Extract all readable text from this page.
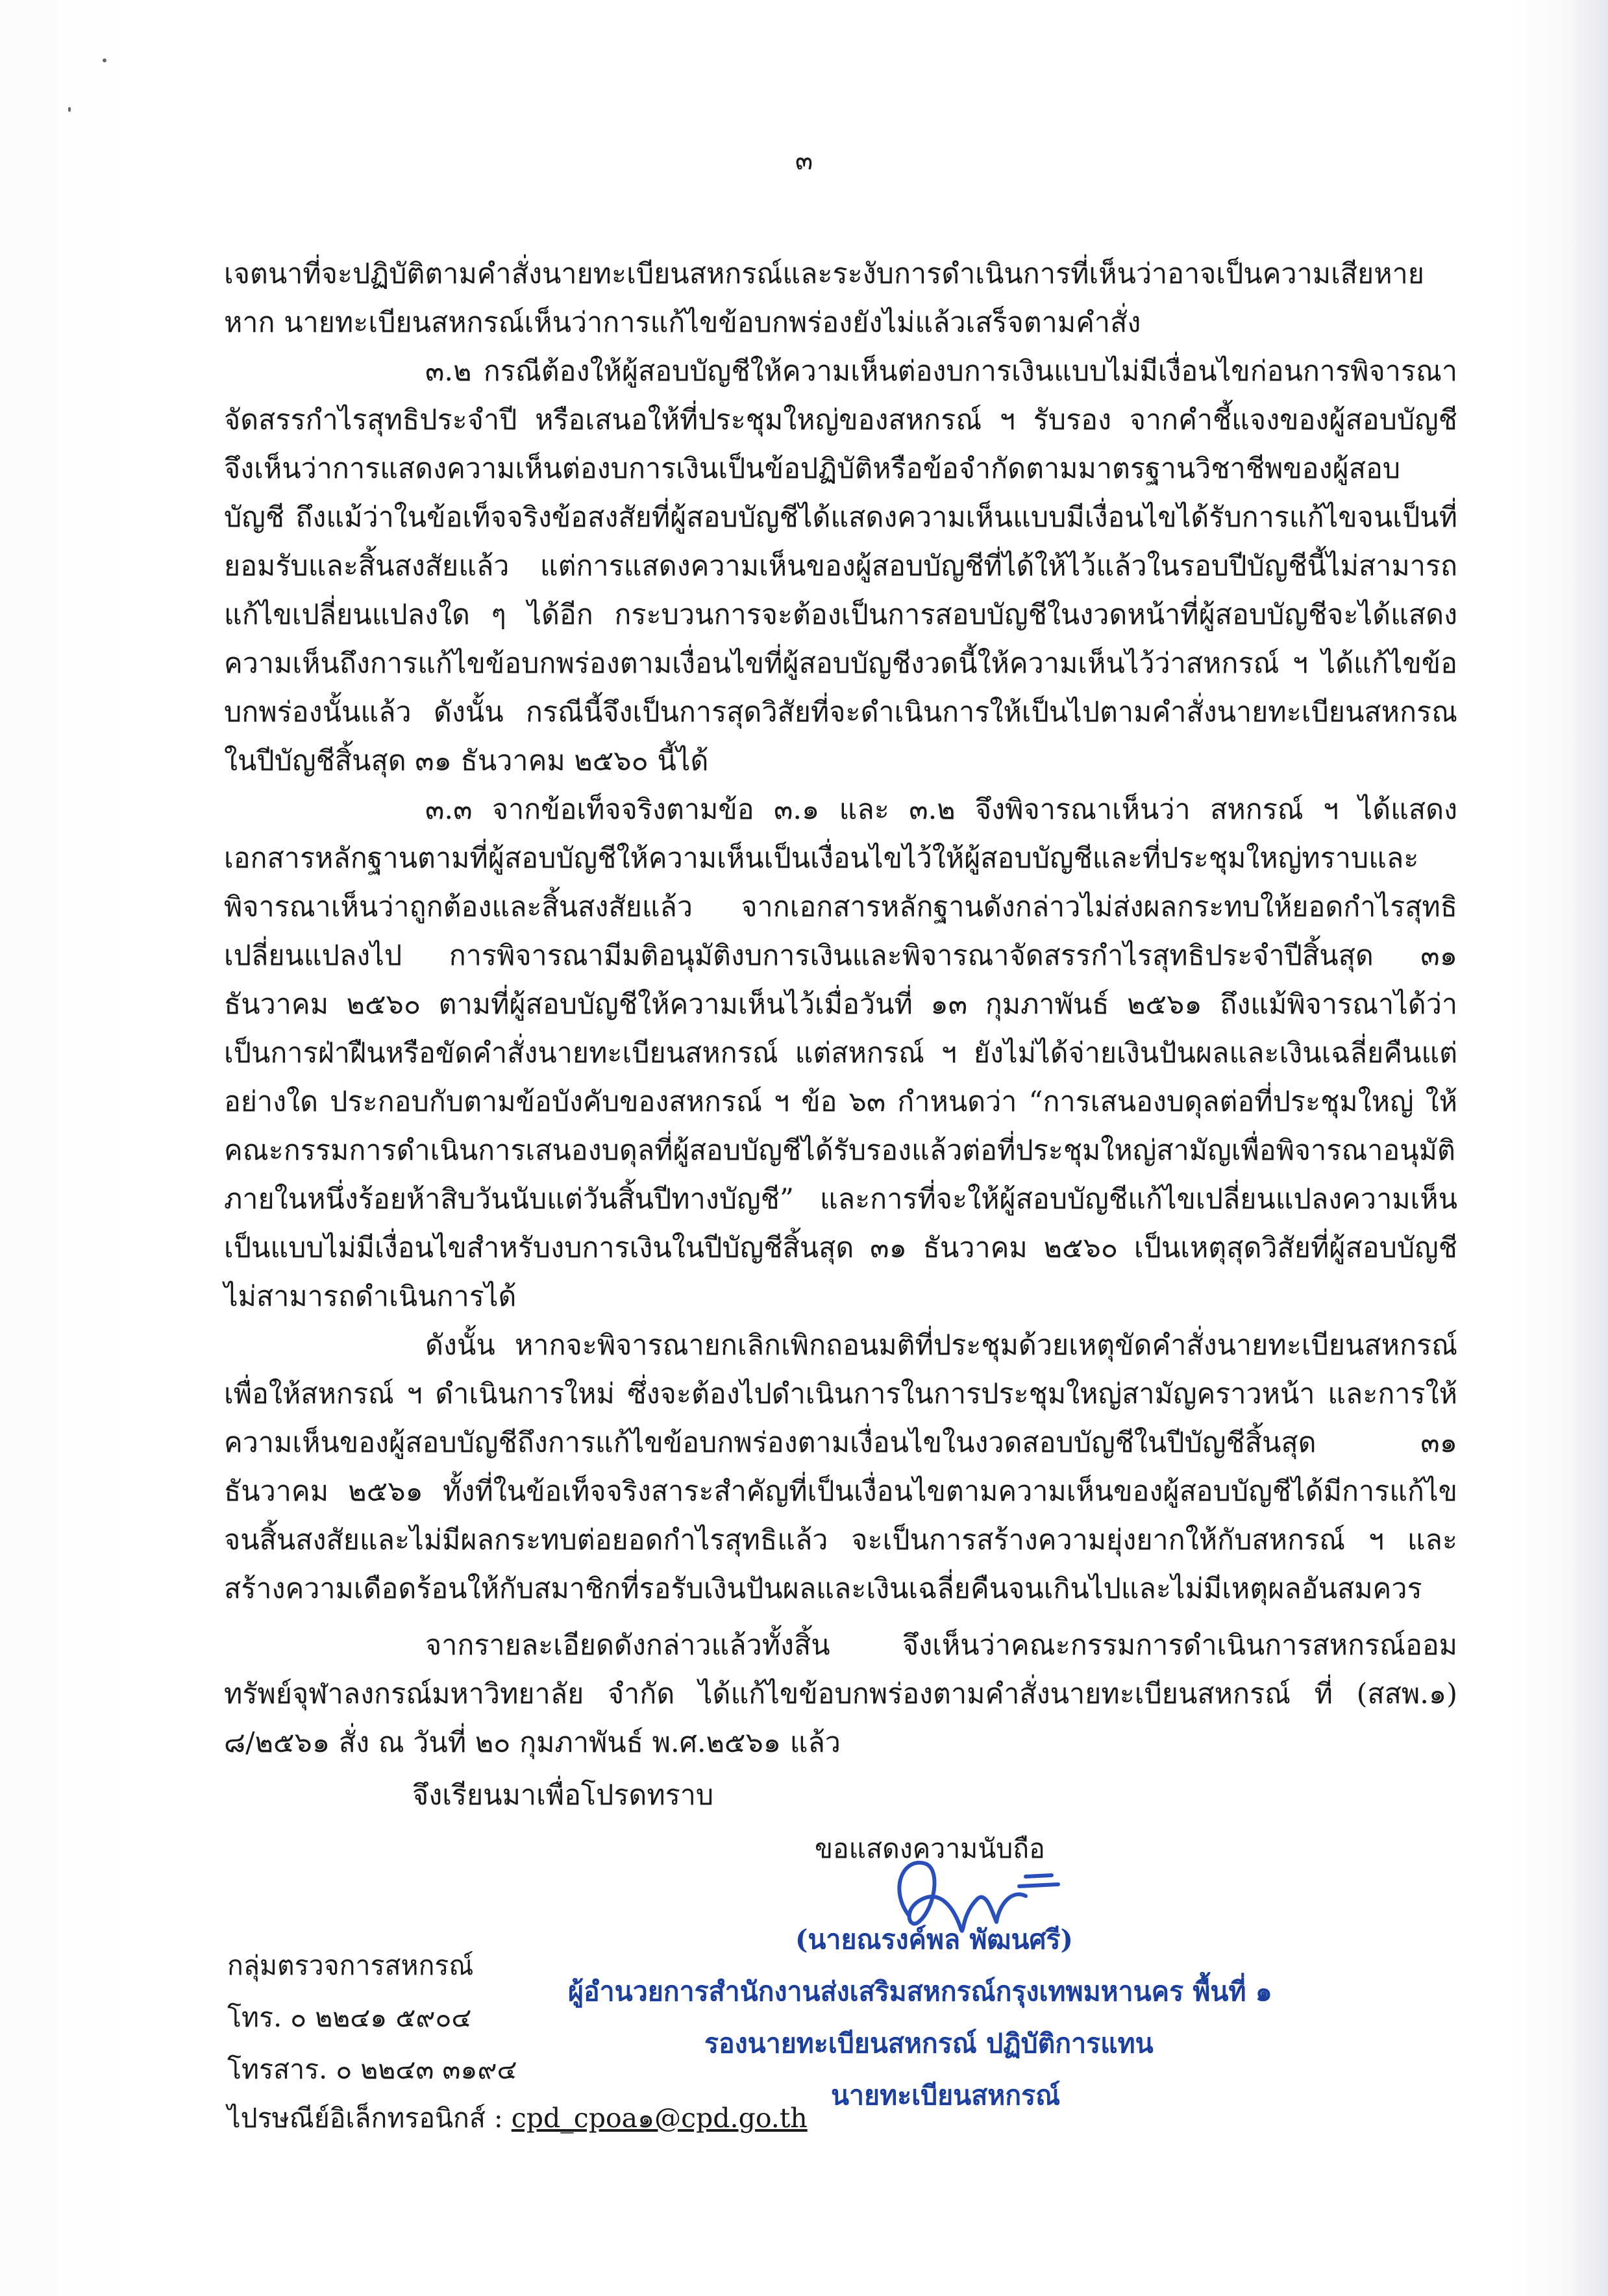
๓

เจตนาที่จะปฏิบัติตามคำสั่งนายทะเบียนสหกรณ์และระงับการดำเนินการที่เห็นว่าอาจเป็นความเสียหายหาก นายทะเบียนสหกรณ์เห็นว่าการแก้ไขข้อบกพร่องยังไม่แล้วเสร็จตามคำสั่ง

๓.๒ กรณีต้องให้ผู้สอบบัญชีให้ความเห็นต่องบการเงินแบบไม่มีเงื่อนไขก่อนการพิจารณาจัดสรรกำไรสุทธิประจำปี หรือเสนอให้ที่ประชุมใหญ่ของสหกรณ์ ฯ รับรอง จากคำชี้แจงของผู้สอบบัญชี จึงเห็นว่าการแสดงความเห็นต่องบการเงินเป็นข้อปฏิบัติหรือข้อจำกัดตามมาตรฐานวิชาชีพของผู้สอบบัญชี ถึงแม้ว่าในข้อเท็จจริงข้อสงสัยที่ผู้สอบบัญชีได้แสดงความเห็นแบบมีเงื่อนไขได้รับการแก้ไขจนเป็นที่ยอมรับและสิ้นสงสัยแล้ว แต่การแสดงความเห็นของผู้สอบบัญชีที่ได้ให้ไว้แล้วในรอบปีบัญชีนี้ไม่สามารถแก้ไขเปลี่ยนแปลงใด ๆ ได้อีก กระบวนการจะต้องเป็นการสอบบัญชีในงวดหน้าที่ผู้สอบบัญชีจะได้แสดงความเห็นถึงการแก้ไขข้อบกพร่องตามเงื่อนไขที่ผู้สอบบัญชีงวดนี้ให้ความเห็นไว้ว่าสหกรณ์ ฯ ได้แก้ไขข้อบกพร่องนั้นแล้ว ดังนั้น กรณีนี้จึงเป็นการสุดวิสัยที่จะดำเนินการให้เป็นไปตามคำสั่งนายทะเบียนสหกรณในปีบัญชีสิ้นสุด ๓๑ ธันวาคม ๒๕๖๐ นี้ได้

๓.๓ จากข้อเท็จจริงตามข้อ ๓.๑ และ ๓.๒ จึงพิจารณาเห็นว่า สหกรณ์ ฯ ได้แสดงเอกสารหลักฐานตามที่ผู้สอบบัญชีให้ความเห็นเป็นเงื่อนไขไว้ให้ผู้สอบบัญชีและที่ประชุมใหญ่ทราบและพิจารณาเห็นว่าถูกต้องและสิ้นสงสัยแล้ว จากเอกสารหลักฐานดังกล่าวไม่ส่งผลกระทบให้ยอดกำไรสุทธิเปลี่ยนแปลงไป การพิจารณามีมติอนุมัติงบการเงินและพิจารณาจัดสรรกำไรสุทธิประจำปีสิ้นสุด ๓๑ ธันวาคม ๒๕๖๐ ตามที่ผู้สอบบัญชีให้ความเห็นไว้เมื่อวันที่ ๑๓ กุมภาพันธ์ ๒๕๖๑ ถึงแม้พิจารณาได้ว่าเป็นการฝ่าฝืนหรือขัดคำสั่งนายทะเบียนสหกรณ์ แต่สหกรณ์ ฯ ยังไม่ได้จ่ายเงินปันผลและเงินเฉลี่ยคืนแต่อย่างใด ประกอบกับตามข้อบังคับของสหกรณ์ ฯ ข้อ ๖๓ กำหนดว่า “การเสนองบดุลต่อที่ประชุมใหญ่ ให้คณะกรรมการดำเนินการเสนองบดุลที่ผู้สอบบัญชีได้รับรองแล้วต่อที่ประชุมใหญ่สามัญเพื่อพิจารณาอนุมัติ ภายในหนึ่งร้อยห้าสิบวันนับแต่วันสิ้นปีทางบัญชี” และการที่จะให้ผู้สอบบัญชีแก้ไขเปลี่ยนแปลงความเห็นเป็นแบบไม่มีเงื่อนไขสำหรับงบการเงินในปีบัญชีสิ้นสุด ๓๑ ธันวาคม ๒๕๖๐ เป็นเหตุสุดวิสัยที่ผู้สอบบัญชีไม่สามารถดำเนินการได้

ดังนั้น หากจะพิจารณายกเลิกเพิกถอนมติที่ประชุมด้วยเหตุขัดคำสั่งนายทะเบียนสหกรณ์เพื่อให้สหกรณ์ ฯ ดำเนินการใหม่ ซึ่งจะต้องไปดำเนินการในการประชุมใหญ่สามัญคราวหน้า และการให้ความเห็นของผู้สอบบัญชีถึงการแก้ไขข้อบกพร่องตามเงื่อนไขในงวดสอบบัญชีในปีบัญชีสิ้นสุด ๓๑ ธันวาคม ๒๕๖๑ ทั้งที่ในข้อเท็จจริงสาระสำคัญที่เป็นเงื่อนไขตามความเห็นของผู้สอบบัญชีได้มีการแก้ไขจนสิ้นสงสัยและไม่มีผลกระทบต่อยอดกำไรสุทธิแล้ว จะเป็นการสร้างความยุ่งยากให้กับสหกรณ์ ฯ และสร้างความเดือดร้อนให้กับสมาชิกที่รอรับเงินปันผลและเงินเฉลี่ยคืนจนเกินไปและไม่มีเหตุผลอันสมควร

จากรายละเอียดดังกล่าวแล้วทั้งสิ้น จึงเห็นว่าคณะกรรมการดำเนินการสหกรณ์ออมทรัพย์จุฬาลงกรณ์มหาวิทยาลัย จำกัด ได้แก้ไขข้อบกพร่องตามคำสั่งนายทะเบียนสหกรณ์ ที่ (สสพ.๑) ๘/๒๕๖๑ สั่ง ณ วันที่ ๒๐ กุมภาพันธ์ พ.ศ.๒๕๖๑ แล้ว

จึงเรียนมาเพื่อโปรดทราบ
ขอแสดงความนับถือ
(นายณรงค์พล พัฒนศรี)
ผู้อำนวยการสำนักงานส่งเสริมสหกรณ์กรุงเทพมหานคร พื้นที่ ๑
รองนายทะเบียนสหกรณ์ ปฏิบัติการแทน
นายทะเบียนสหกรณ์
กลุ่มตรวจการสหกรณ์
โทร. ๐ ๒๒๔๑ ๕๙๐๔
โทรสาร. ๐ ๒๒๔๓ ๓๑๙๔
ไปรษณีย์อิเล็กทรอนิกส์ : cpd_cpoa๑@cpd.go.th
